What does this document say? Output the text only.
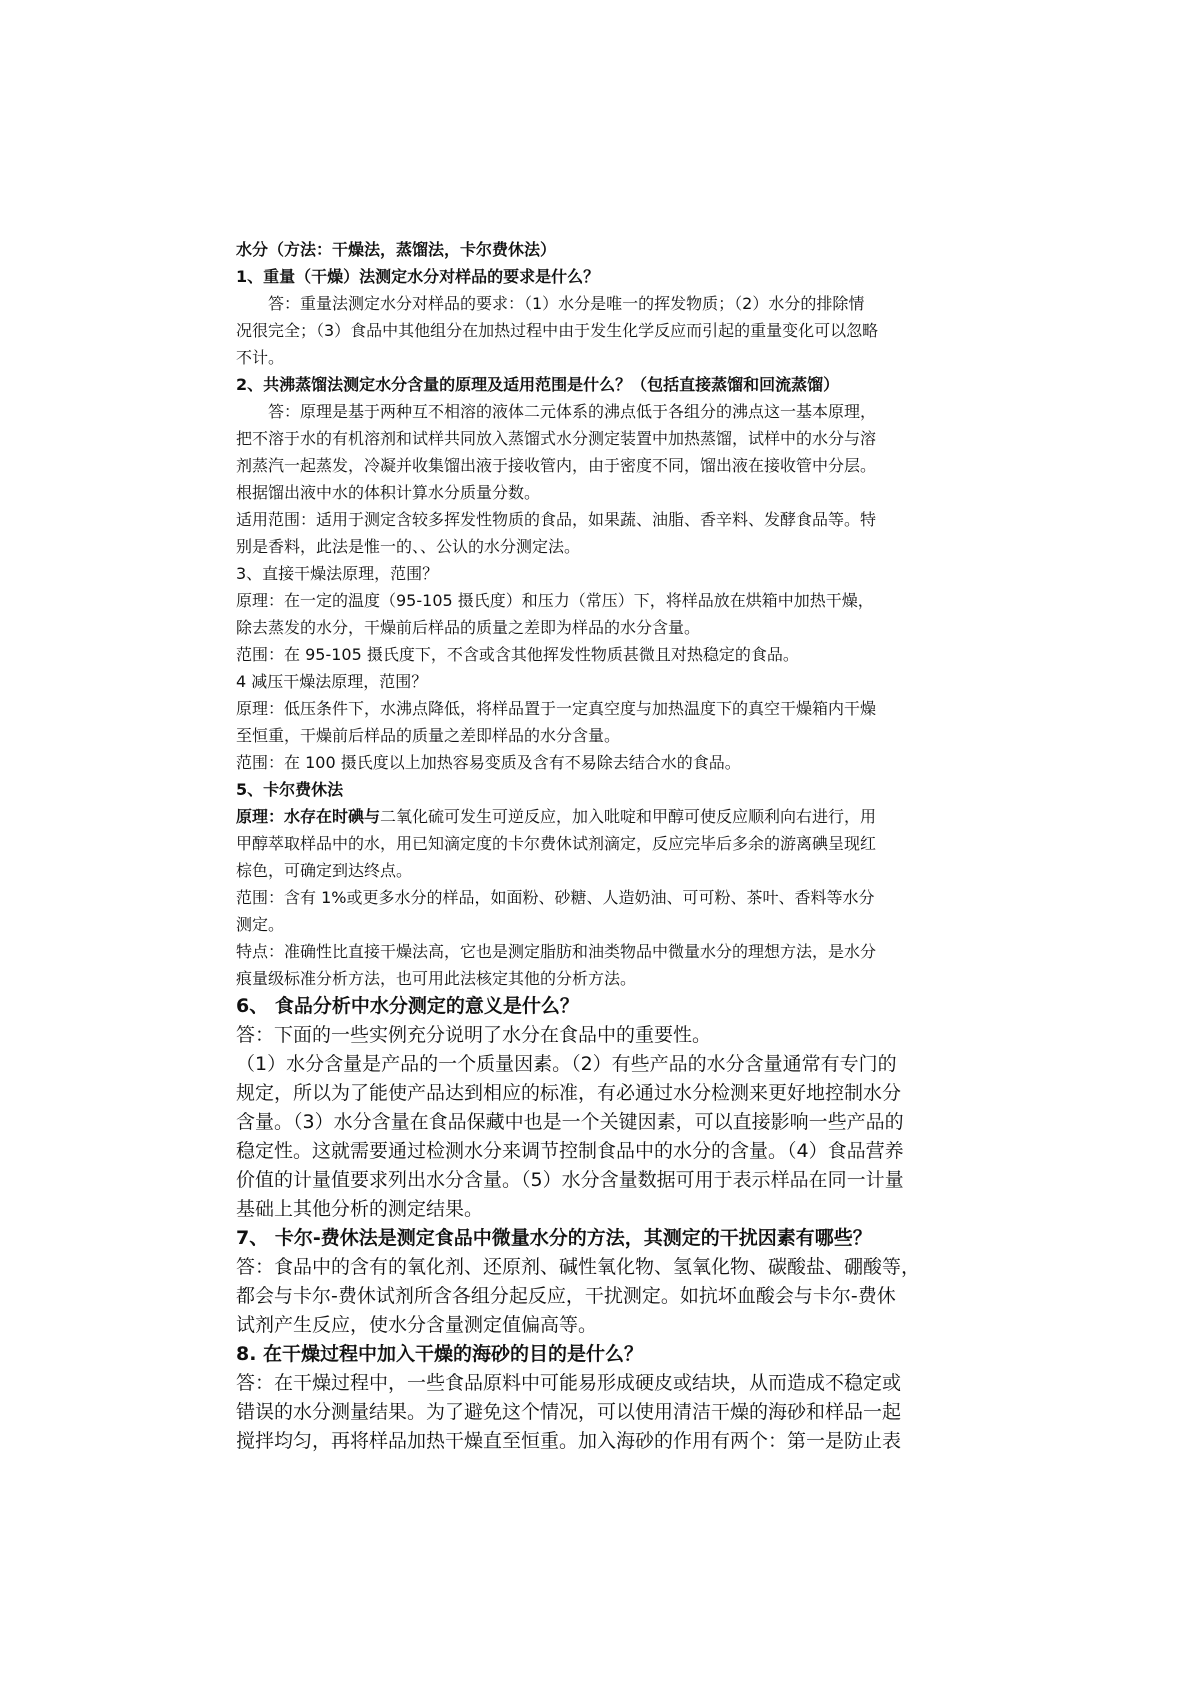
水分（方法：干燥法，蒸馏法，卡尔费休法）
1、重量（干燥）法测定水分对样品的要求是什么？
答：重量法测定水分对样品的要求：（1）水分是唯一的挥发物质；（2）水分的排除情
况很完全；（3）食品中其他组分在加热过程中由于发生化学反应而引起的重量变化可以忽略
不计。
2、共沸蒸馏法测定水分含量的原理及适用范围是什么？（包括直接蒸馏和回流蒸馏）
答：原理是基于两种互不相溶的液体二元体系的沸点低于各组分的沸点这一基本原理，
把不溶于水的有机溶剂和试样共同放入蒸馏式水分测定装置中加热蒸馏，试样中的水分与溶
剂蒸汽一起蒸发，冷凝并收集馏出液于接收管内，由于密度不同，馏出液在接收管中分层。
根据馏出液中水的体积计算水分质量分数。
适用范围：适用于测定含较多挥发性物质的食品，如果蔬、油脂、香辛料、发酵食品等。特
别是香料，此法是惟一的、、公认的水分测定法。
3、直接干燥法原理，范围？
原理：在一定的温度（95-105 摄氏度）和压力（常压）下，将样品放在烘箱中加热干燥，
除去蒸发的水分，干燥前后样品的质量之差即为样品的水分含量。
范围：在 95-105 摄氏度下，不含或含其他挥发性物质甚微且对热稳定的食品。
4 减压干燥法原理，范围？
原理：低压条件下，水沸点降低，将样品置于一定真空度与加热温度下的真空干燥箱内干燥
至恒重，干燥前后样品的质量之差即样品的水分含量。
范围：在 100 摄氏度以上加热容易变质及含有不易除去结合水的食品。
5、卡尔费休法
原理：水存在时碘与二氧化硫可发生可逆反应，加入吡啶和甲醇可使反应顺利向右进行，用
甲醇萃取样品中的水，用已知滴定度的卡尔费休试剂滴定，反应完毕后多余的游离碘呈现红
棕色，可确定到达终点。
范围：含有 1%或更多水分的样品，如面粉、砂糖、人造奶油、可可粉、茶叶、香料等水分
测定。
特点：准确性比直接干燥法高，它也是测定脂肪和油类物品中微量水分的理想方法，是水分
痕量级标准分析方法，也可用此法核定其他的分析方法。
6、 食品分析中水分测定的意义是什么？
答：下面的一些实例充分说明了水分在食品中的重要性。
（1）水分含量是产品的一个质量因素。（2）有些产品的水分含量通常有专门的
规定，所以为了能使产品达到相应的标准，有必通过水分检测来更好地控制水分
含量。（3）水分含量在食品保藏中也是一个关键因素，可以直接影响一些产品的
稳定性。这就需要通过检测水分来调节控制食品中的水分的含量。（4）食品营养
价值的计量值要求列出水分含量。（5）水分含量数据可用于表示样品在同一计量
基础上其他分析的测定结果。
7、 卡尔-费休法是测定食品中微量水分的方法，其测定的干扰因素有哪些？
答：食品中的含有的氧化剂、还原剂、碱性氧化物、氢氧化物、碳酸盐、硼酸等，
都会与卡尔-费休试剂所含各组分起反应，干扰测定。如抗坏血酸会与卡尔-费休
试剂产生反应，使水分含量测定值偏高等。
8. 在干燥过程中加入干燥的海砂的目的是什么？
答：在干燥过程中，一些食品原料中可能易形成硬皮或结块，从而造成不稳定或
错误的水分测量结果。为了避免这个情况，可以使用清洁干燥的海砂和样品一起
搅拌均匀，再将样品加热干燥直至恒重。加入海砂的作用有两个：第一是防止表
